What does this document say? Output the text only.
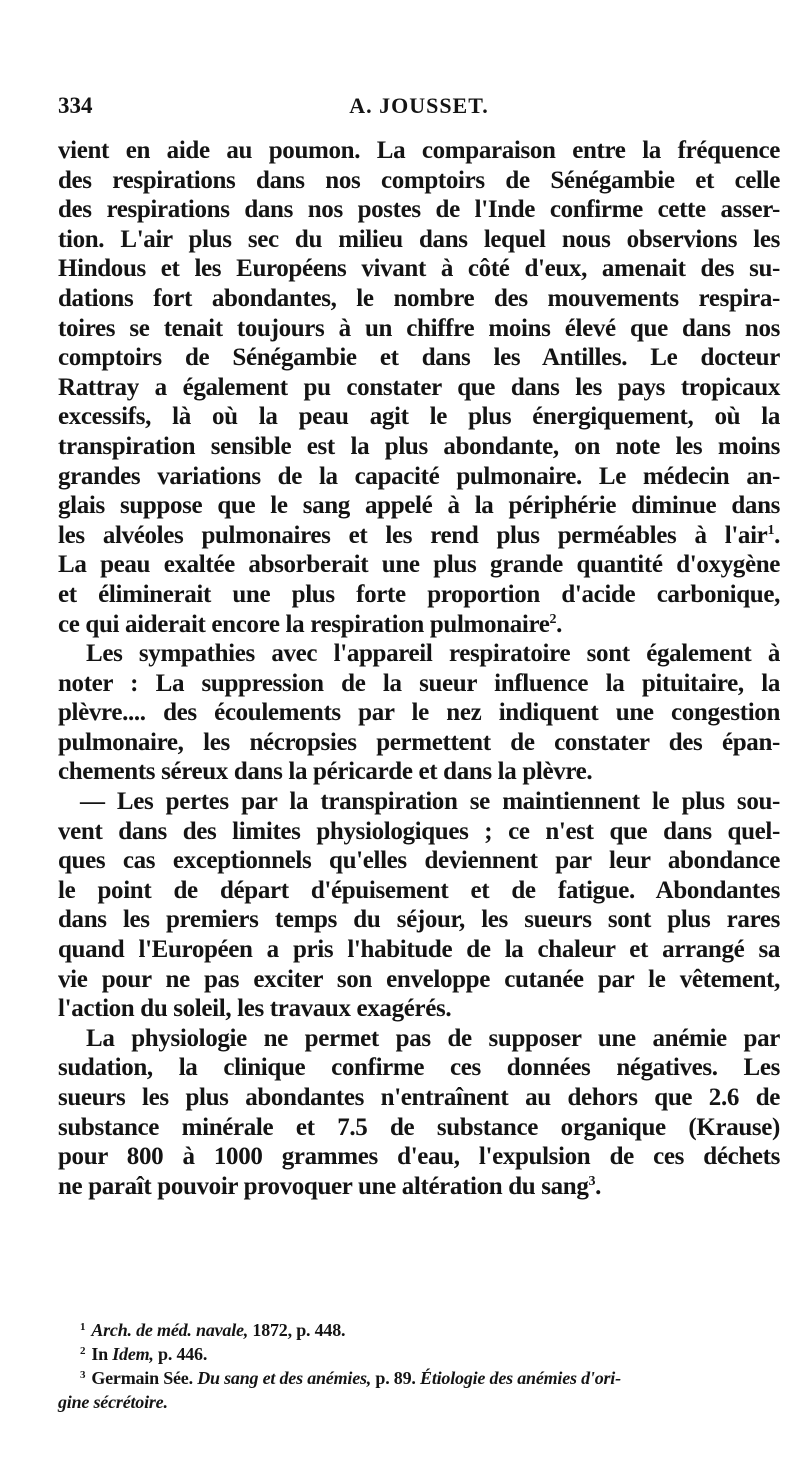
334	A. JOUSSET.
vient en aide au poumon. La comparaison entre la fréquence
des respirations dans nos comptoirs de Sénégambie et celle
des respirations dans nos postes de l'Inde confirme cette asser-
tion. L'air plus sec du milieu dans lequel nous observions les
Hindous et les Européens vivant à côté d'eux, amenait des su-
dations fort abondantes, le nombre des mouvements respira-
toires se tenait toujours à un chiffre moins élevé que dans nos
comptoirs de Sénégambie et dans les Antilles. Le docteur
Rattray a également pu constater que dans les pays tropicaux
excessifs, là où la peau agit le plus énergiquement, où la
transpiration sensible est la plus abondante, on note les moins
grandes variations de la capacité pulmonaire. Le médecin an-
glais suppose que le sang appelé à la périphérie diminue dans
les alvéoles pulmonaires et les rend plus perméables à l'air$^1$.
La peau exaltée absorberait une plus grande quantité d'oxygène
et éliminerait une plus forte proportion d'acide carbonique,
ce qui aiderait encore la respiration pulmonaire$^2$.
Les sympathies avec l'appareil respiratoire sont également à
noter : La suppression de la sueur influence la pituitaire, la
plèvre.... des écoulements par le nez indiquent une congestion
pulmonaire, les nécropsies permettent de constater des épan-
chements séreux dans la péricarde et dans la plèvre.
— Les pertes par la transpiration se maintiennent le plus sou-
vent dans des limites physiologiques ; ce n'est que dans quel-
ques cas exceptionnels qu'elles deviennent par leur abondance
le point de départ d'épuisement et de fatigue. Abondantes
dans les premiers temps du séjour, les sueurs sont plus rares
quand l'Européen a pris l'habitude de la chaleur et arrangé sa
vie pour ne pas exciter son enveloppe cutanée par le vêtement,
l'action du soleil, les travaux exagérés.
La physiologie ne permet pas de supposer une anémie par
sudation, la clinique confirme ces données négatives. Les
sueurs les plus abondantes n'entraînent au dehors que 2.6 de
substance minérale et 7.5 de substance organique (Krause)
pour 800 à 1000 grammes d'eau, l'expulsion de ces déchets
ne paraît pouvoir provoquer une altération du sang$^3$.
$^1$ Arch. de méd. navale, 1872, p. 448.
$^2$ In Idem, p. 446.
$^3$ Germain Sée. Du sang et des anémies, p. 89. Étiologie des anémies d'ori-
gine sécrétoire.
